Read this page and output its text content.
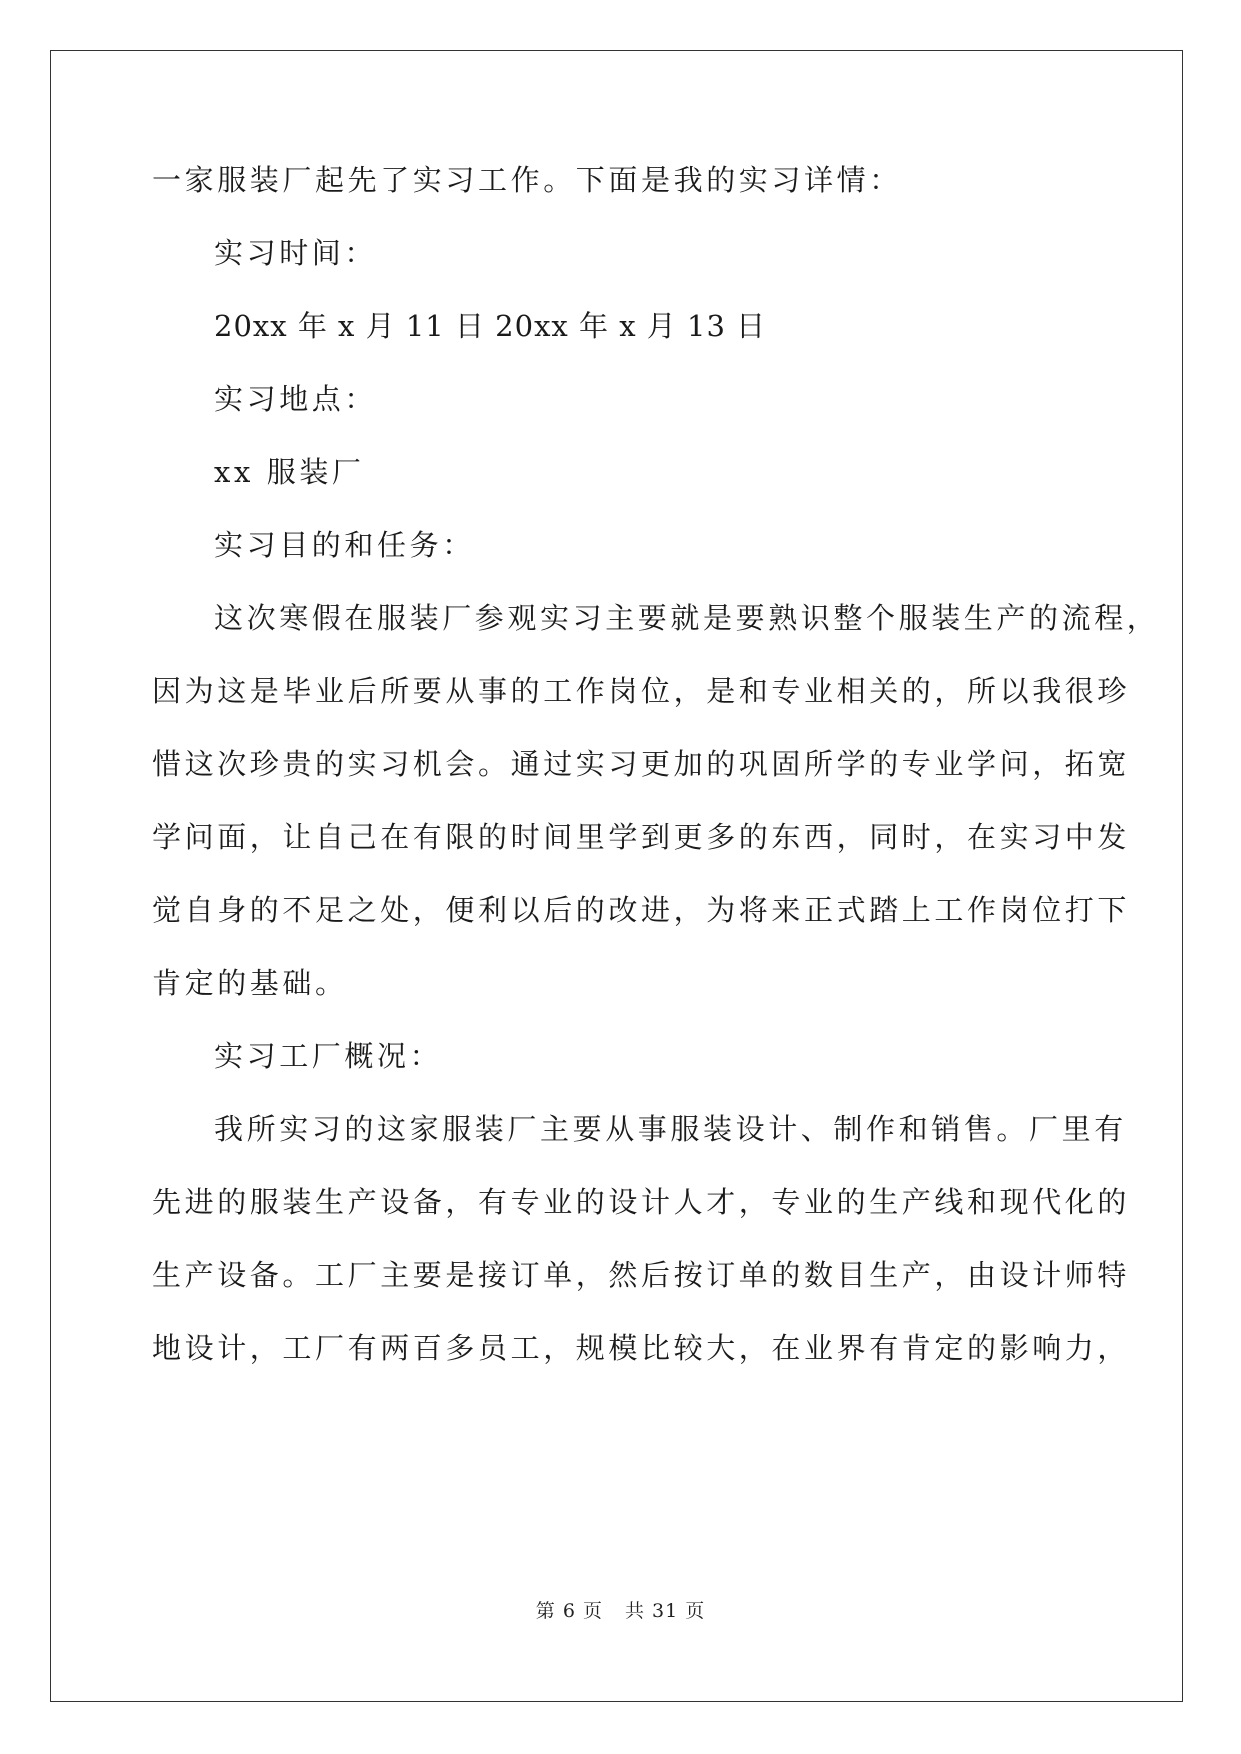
一家服装厂起先了实习工作。下面是我的实习详情：
实习时间：
20xx 年 x 月 11 日 20xx 年 x 月 13 日
实习地点：
xx 服装厂
实习目的和任务：
这次寒假在服装厂参观实习主要就是要熟识整个服装生产的流程，
因为这是毕业后所要从事的工作岗位，是和专业相关的，所以我很珍
惜这次珍贵的实习机会。通过实习更加的巩固所学的专业学问，拓宽
学问面，让自己在有限的时间里学到更多的东西，同时，在实习中发
觉自身的不足之处，便利以后的改进，为将来正式踏上工作岗位打下
肯定的基础。
实习工厂概况：
我所实习的这家服装厂主要从事服装设计、制作和销售。厂里有
先进的服装生产设备，有专业的设计人才，专业的生产线和现代化的
生产设备。工厂主要是接订单，然后按订单的数目生产，由设计师特
地设计，工厂有两百多员工，规模比较大，在业界有肯定的影响力，
第 6 页 共 31 页
